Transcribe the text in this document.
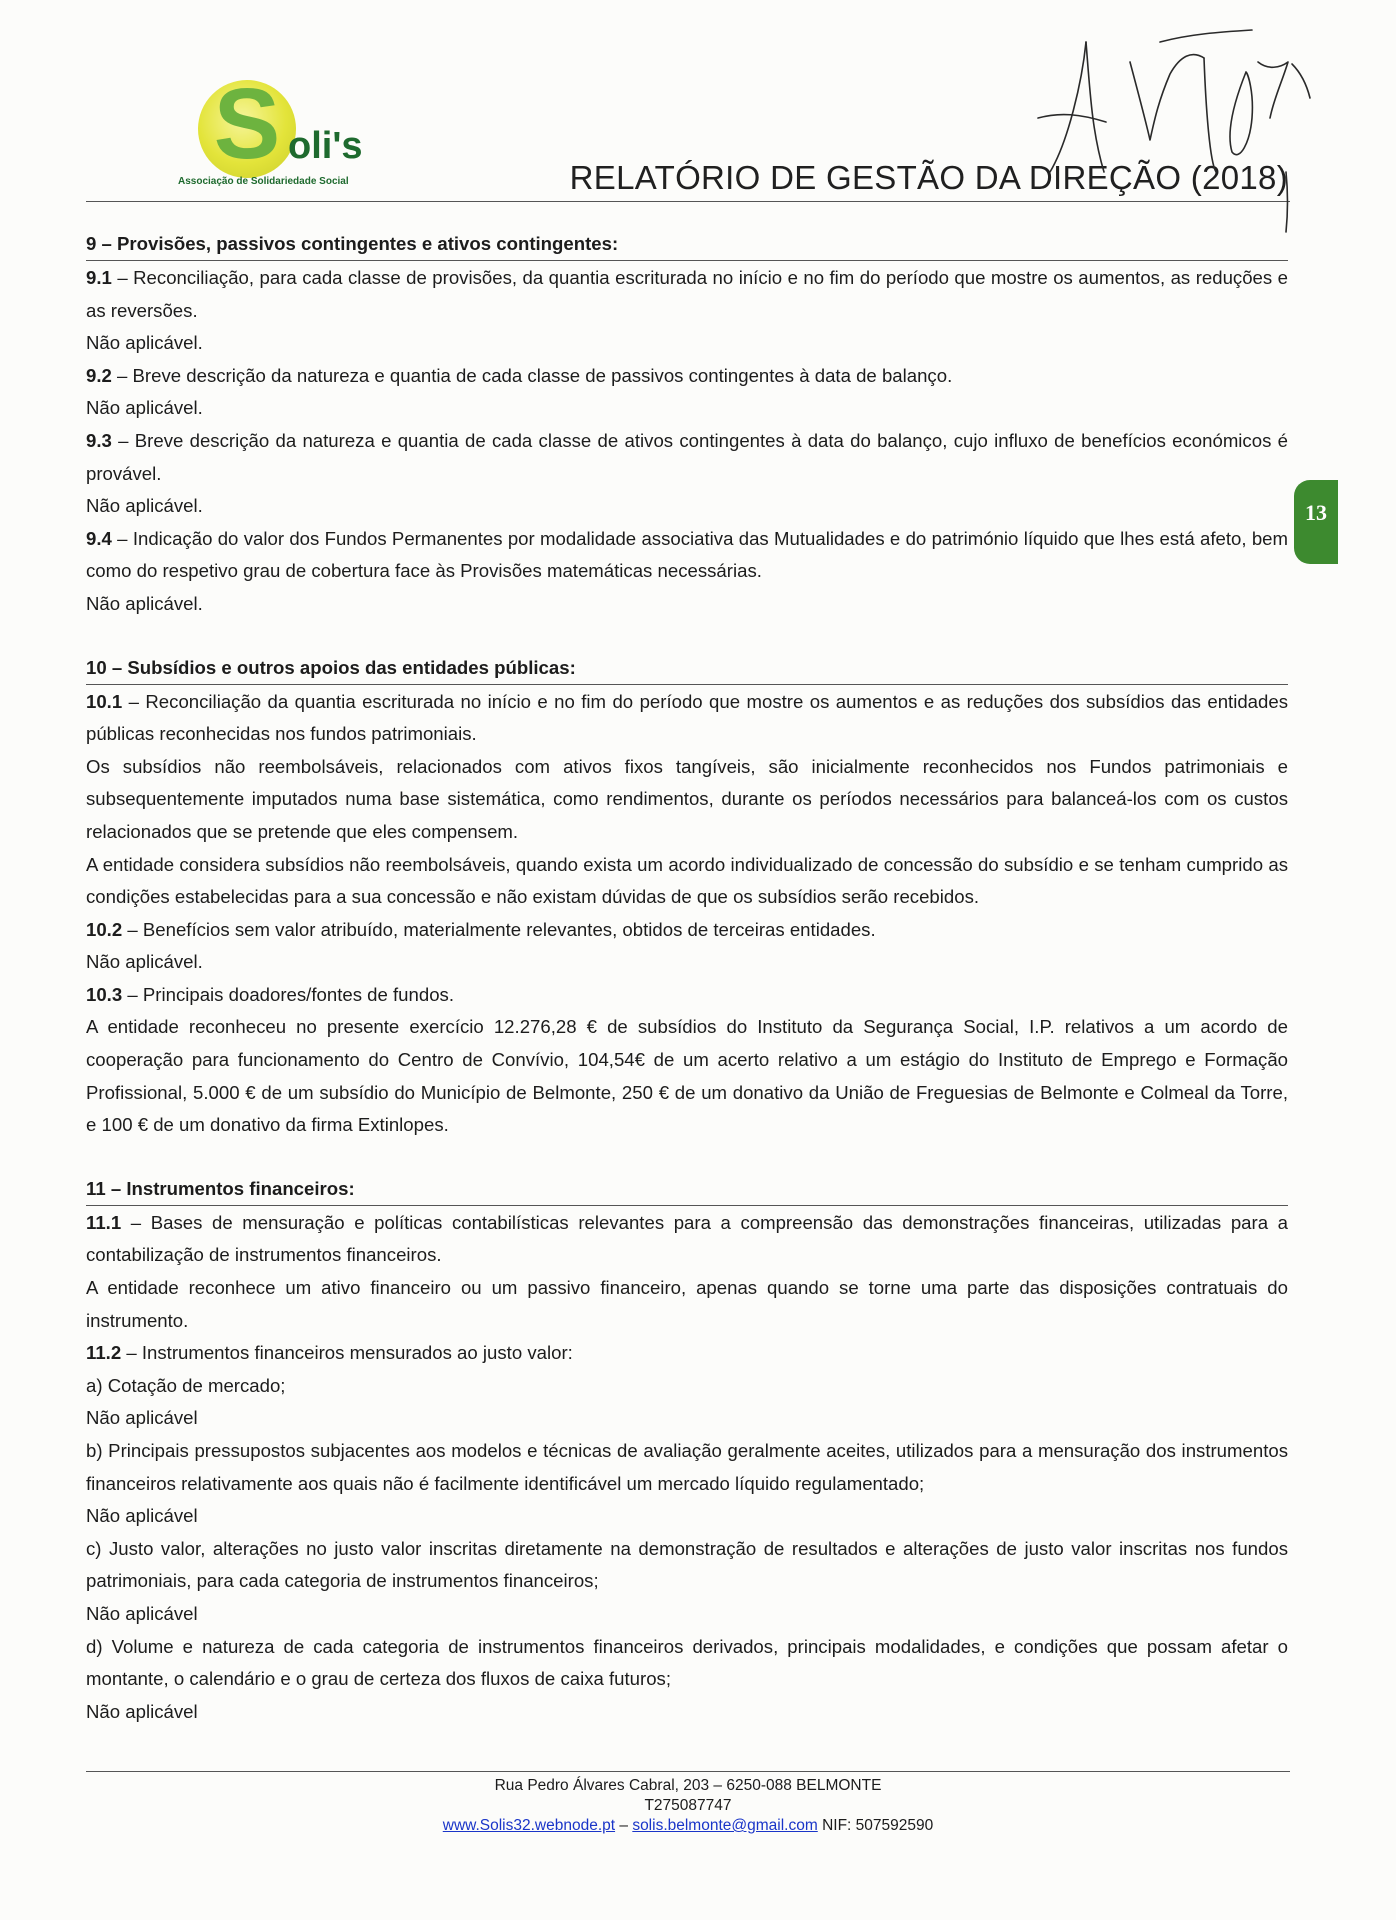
S oli's
Associação de Solidariedade Social	RELATÓRIO DE GESTÃO DA DIREÇÃO (2018)
13
9 – Provisões, passivos contingentes e ativos contingentes:

9.1 – Reconciliação, para cada classe de provisões, da quantia escriturada no início e no fim do período que mostre os aumentos, as reduções e as reversões.

Não aplicável.

9.2 – Breve descrição da natureza e quantia de cada classe de passivos contingentes à data de balanço.

Não aplicável.

9.3 – Breve descrição da natureza e quantia de cada classe de ativos contingentes à data do balanço, cujo influxo de benefícios económicos é provável.

Não aplicável.

9.4 – Indicação do valor dos Fundos Permanentes por modalidade associativa das Mutualidades e do património líquido que lhes está afeto, bem como do respetivo grau de cobertura face às Provisões matemáticas necessárias.

Não aplicável.

10 – Subsídios e outros apoios das entidades públicas:

10.1 – Reconciliação da quantia escriturada no início e no fim do período que mostre os aumentos e as reduções dos subsídios das entidades públicas reconhecidas nos fundos patrimoniais.

Os subsídios não reembolsáveis, relacionados com ativos fixos tangíveis, são inicialmente reconhecidos nos Fundos patrimoniais e subsequentemente imputados numa base sistemática, como rendimentos, durante os períodos necessários para balanceá-los com os custos relacionados que se pretende que eles compensem.

A entidade considera subsídios não reembolsáveis, quando exista um acordo individualizado de concessão do subsídio e se tenham cumprido as condições estabelecidas para a sua concessão e não existam dúvidas de que os subsídios serão recebidos.

10.2 – Benefícios sem valor atribuído, materialmente relevantes, obtidos de terceiras entidades.

Não aplicável.

10.3 – Principais doadores/fontes de fundos.

A entidade reconheceu no presente exercício 12.276,28 € de subsídios do Instituto da Segurança Social, I.P. relativos a um acordo de cooperação para funcionamento do Centro de Convívio, 104,54€ de um acerto relativo a um estágio do Instituto de Emprego e Formação Profissional, 5.000 € de um subsídio do Município de Belmonte, 250 € de um donativo da União de Freguesias de Belmonte e Colmeal da Torre, e 100 € de um donativo da firma Extinlopes.

11 – Instrumentos financeiros:

11.1 – Bases de mensuração e políticas contabilísticas relevantes para a compreensão das demonstrações financeiras, utilizadas para a contabilização de instrumentos financeiros.

A entidade reconhece um ativo financeiro ou um passivo financeiro, apenas quando se torne uma parte das disposições contratuais do instrumento.

11.2 – Instrumentos financeiros mensurados ao justo valor:

a) Cotação de mercado;

Não aplicável

b) Principais pressupostos subjacentes aos modelos e técnicas de avaliação geralmente aceites, utilizados para a mensuração dos instrumentos financeiros relativamente aos quais não é facilmente identificável um mercado líquido regulamentado;

Não aplicável

c) Justo valor, alterações no justo valor inscritas diretamente na demonstração de resultados e alterações de justo valor inscritas nos fundos patrimoniais, para cada categoria de instrumentos financeiros;

Não aplicável

d) Volume e natureza de cada categoria de instrumentos financeiros derivados, principais modalidades, e condições que possam afetar o montante, o calendário e o grau de certeza dos fluxos de caixa futuros;

Não aplicável

Rua Pedro Álvares Cabral, 203 – 6250-088 BELMONTE
T275087747
www.Solis32.webnode.pt – solis.belmonte@gmail.com NIF: 507592590
